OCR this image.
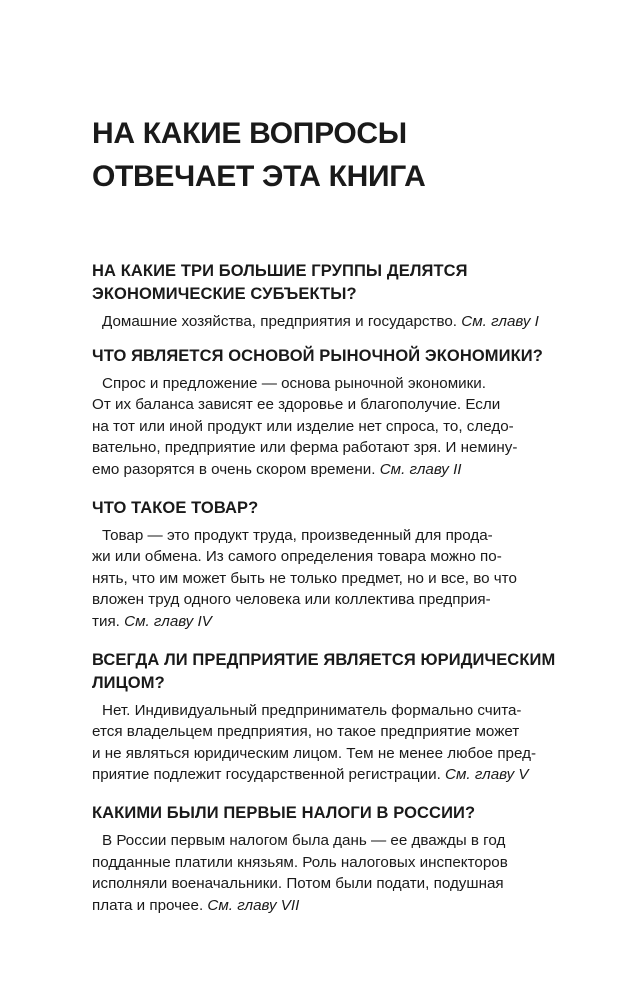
НА КАКИЕ ВОПРОСЫ
ОТВЕЧАЕТ ЭТА КНИГА
НА КАКИЕ ТРИ БОЛЬШИЕ ГРУППЫ ДЕЛЯТСЯ
ЭКОНОМИЧЕСКИЕ СУБЪЕКТЫ?

Домашние хозяйства, предприятия и государство. См. главу I

ЧТО ЯВЛЯЕТСЯ ОСНОВОЙ РЫНОЧНОЙ ЭКОНОМИКИ?

Спрос и предложение — основа рыночной экономики.
От их баланса зависят ее здоровье и благополучие. Если
на тот или иной продукт или изделие нет спроса, то, следо-
вательно, предприятие или ферма работают зря. И немину-
емо разорятся в очень скором времени. См. главу II

ЧТО ТАКОЕ ТОВАР?

Товар — это продукт труда, произведенный для прода-
жи или обмена. Из самого определения товара можно по-
нять, что им может быть не только предмет, но и все, во что
вложен труд одного человека или коллектива предприя-
тия. См. главу IV

ВСЕГДА ЛИ ПРЕДПРИЯТИЕ ЯВЛЯЕТСЯ ЮРИДИЧЕСКИМ
ЛИЦОМ?

Нет. Индивидуальный предприниматель формально счита-
ется владельцем предприятия, но такое предприятие может
и не являться юридическим лицом. Тем не менее любое пред-
приятие подлежит государственной регистрации. См. главу V

КАКИМИ БЫЛИ ПЕРВЫЕ НАЛОГИ В РОССИИ?

В России первым налогом была дань — ее дважды в год
подданные платили князьям. Роль налоговых инспекторов
исполняли военачальники. Потом были подати, подушная
плата и прочее. См. главу VII
